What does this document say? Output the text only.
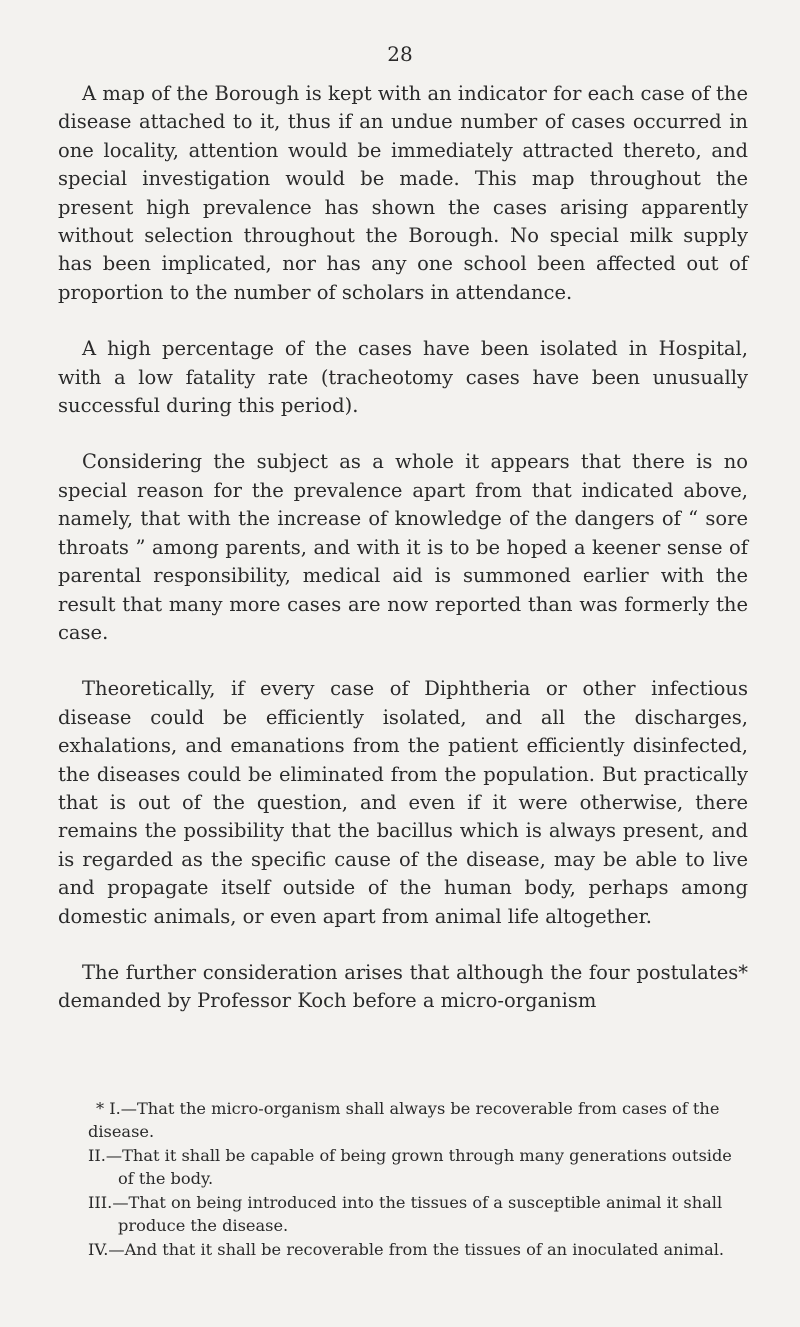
28

A map of the Borough is kept with an indicator for each case of the disease attached to it, thus if an undue number of cases occurred in one locality, attention would be immediately attracted thereto, and special investigation would be made. This map throughout the present high prevalence has shown the cases arising apparently without selection throughout the Borough. No special milk supply has been implicated, nor has any one school been affected out of proportion to the number of scholars in attendance.

A high percentage of the cases have been isolated in Hospital, with a low fatality rate (tracheotomy cases have been unusually successful during this period).

Considering the subject as a whole it appears that there is no special reason for the prevalence apart from that indicated above, namely, that with the increase of knowledge of the dangers of “ sore throats ” among parents, and with it is to be hoped a keener sense of parental responsibility, medical aid is summoned earlier with the result that many more cases are now reported than was formerly the case.

Theoretically, if every case of Diphtheria or other infectious disease could be efficiently isolated, and all the discharges, exhalations, and emanations from the patient efficiently disinfected, the diseases could be eliminated from the population. But practically that is out of the question, and even if it were otherwise, there remains the possibility that the bacillus which is always present, and is regarded as the specific cause of the disease, may be able to live and propagate itself outside of the human body, perhaps among domestic animals, or even apart from animal life altogether.

The further consideration arises that although the four postulates* demanded by Professor Koch before a micro-organism

* I.—That the micro-organism shall always be recoverable from cases of the disease.

II.—That it shall be capable of being grown through many generations outside of the body.

III.—That on being introduced into the tissues of a susceptible animal it shall produce the disease.

IV.—And that it shall be recoverable from the tissues of an inoculated animal.
